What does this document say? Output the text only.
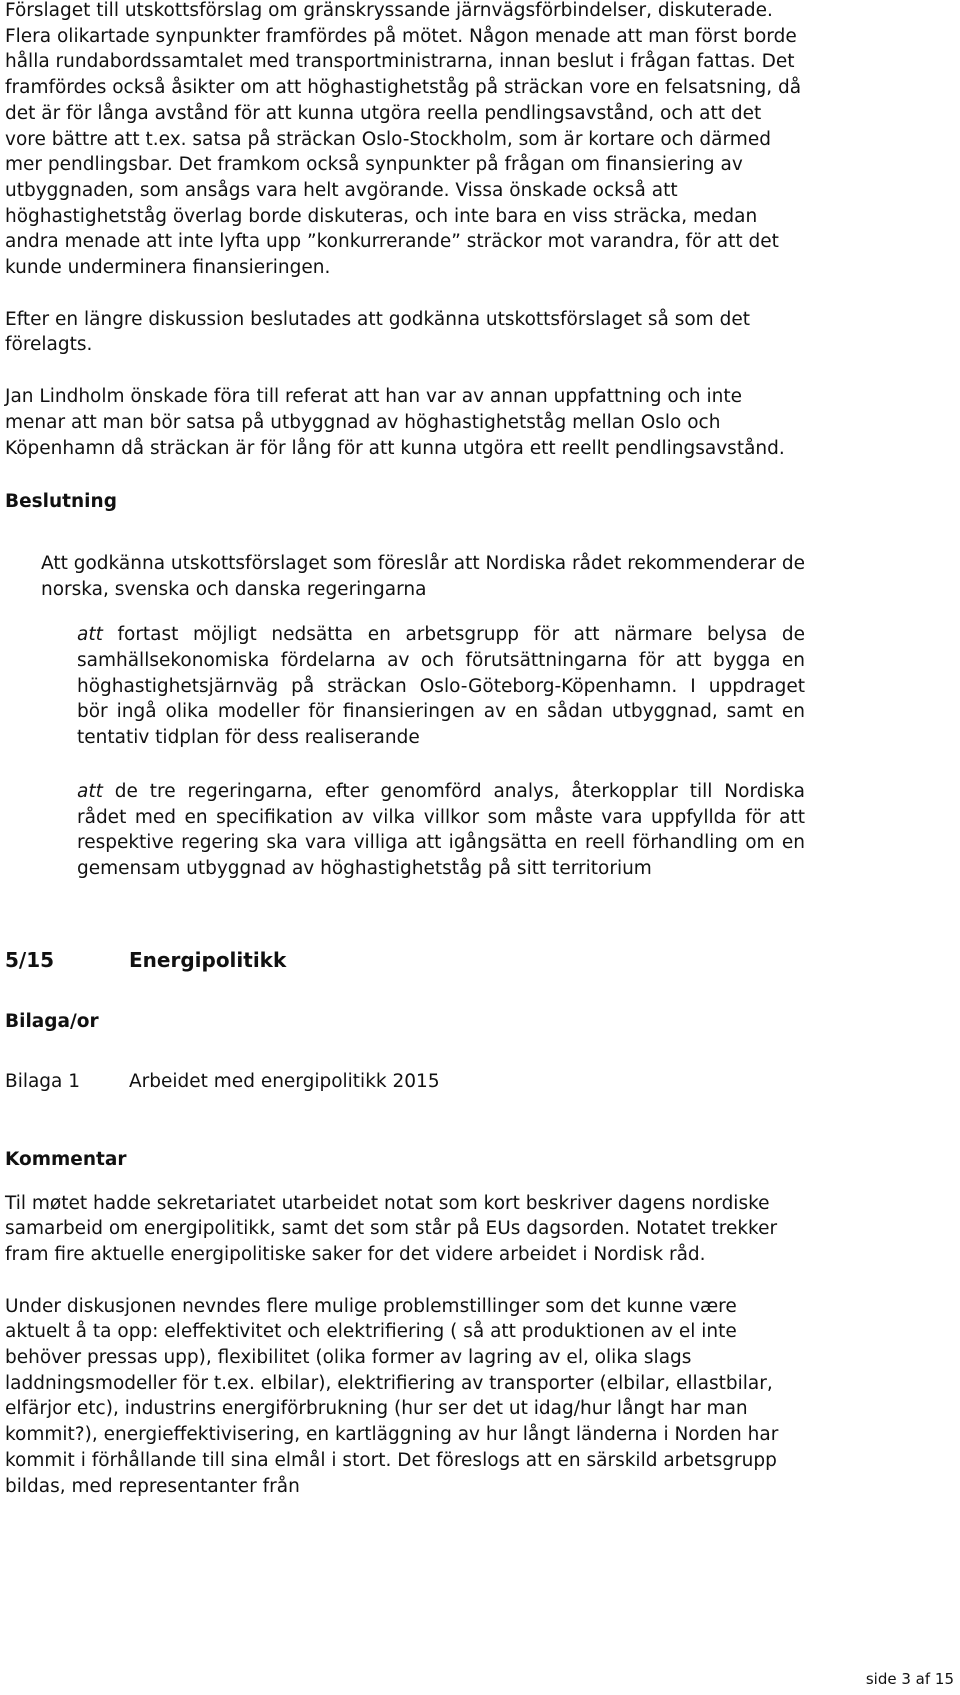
Förslaget till utskottsförslag om gränskryssande järnvägsförbindelser, diskuterade. Flera olikartade synpunkter framfördes på mötet. Någon menade att man först borde hålla rundabordssamtalet med transportministrarna, innan beslut i frågan fattas. Det framfördes också åsikter om att höghastighetståg på sträckan vore en felsatsning, då det är för långa avstånd för att kunna utgöra reella pendlingsavstånd, och att det vore bättre att t.ex. satsa på sträckan Oslo-Stockholm, som är kortare och därmed mer pendlingsbar. Det framkom också synpunkter på frågan om finansiering av utbyggnaden, som ansågs vara helt avgörande. Vissa önskade också att höghastighetståg överlag borde diskuteras, och inte bara en viss sträcka, medan andra menade att inte lyfta upp ”konkurrerande” sträckor mot varandra, för att det kunde underminera finansieringen.

Efter en längre diskussion beslutades att godkänna utskottsförslaget så som det förelagts.

Jan Lindholm önskade föra till referat att han var av annan uppfattning och inte menar att man bör satsa på utbyggnad av höghastighetståg mellan Oslo och Köpenhamn då sträckan är för lång för att kunna utgöra ett reellt pendlingsavstånd.

Beslutning

Att godkänna utskottsförslaget som föreslår att Nordiska rådet rekommenderar de norska, svenska och danska regeringarna

att fortast möjligt nedsätta en arbetsgrupp för att närmare belysa de samhällsekonomiska fördelarna av och förutsättningarna för att bygga en höghastighetsjärnväg på sträckan Oslo-Göteborg-Köpenhamn. I uppdraget bör ingå olika modeller för finansieringen av en sådan utbyggnad, samt en tentativ tidplan för dess realiserande

att de tre regeringarna, efter genomförd analys, återkopplar till Nordiska rådet med en specifikation av vilka villkor som måste vara uppfyllda för att respektive regering ska vara villiga att igångsätta en reell förhandling om en gemensam utbyggnad av höghastighetståg på sitt territorium

5/15	Energipolitikk

Bilaga/or

Bilaga 1	Arbeidet med energipolitikk 2015

Kommentar

Til møtet hadde sekretariatet utarbeidet notat som kort beskriver dagens nordiske samarbeid om energipolitikk, samt det som står på EUs dagsorden. Notatet trekker fram fire aktuelle energipolitiske saker for det videre arbeidet i Nordisk råd.

Under diskusjonen nevndes flere mulige problemstillinger som det kunne være aktuelt å ta opp: eleffektivitet och elektrifiering ( så att produktionen av el inte behöver pressas upp), flexibilitet (olika former av lagring av el, olika slags laddningsmodeller för t.ex. elbilar), elektrifiering av transporter (elbilar, ellastbilar, elfärjor etc), industrins energiförbrukning (hur ser det ut idag/hur långt har man kommit?), energieffektivisering, en kartläggning av hur långt länderna i Norden har kommit i förhållande till sina elmål i stort. Det föreslogs att en särskild arbetsgrupp bildas, med representanter från

side 3 af 15
